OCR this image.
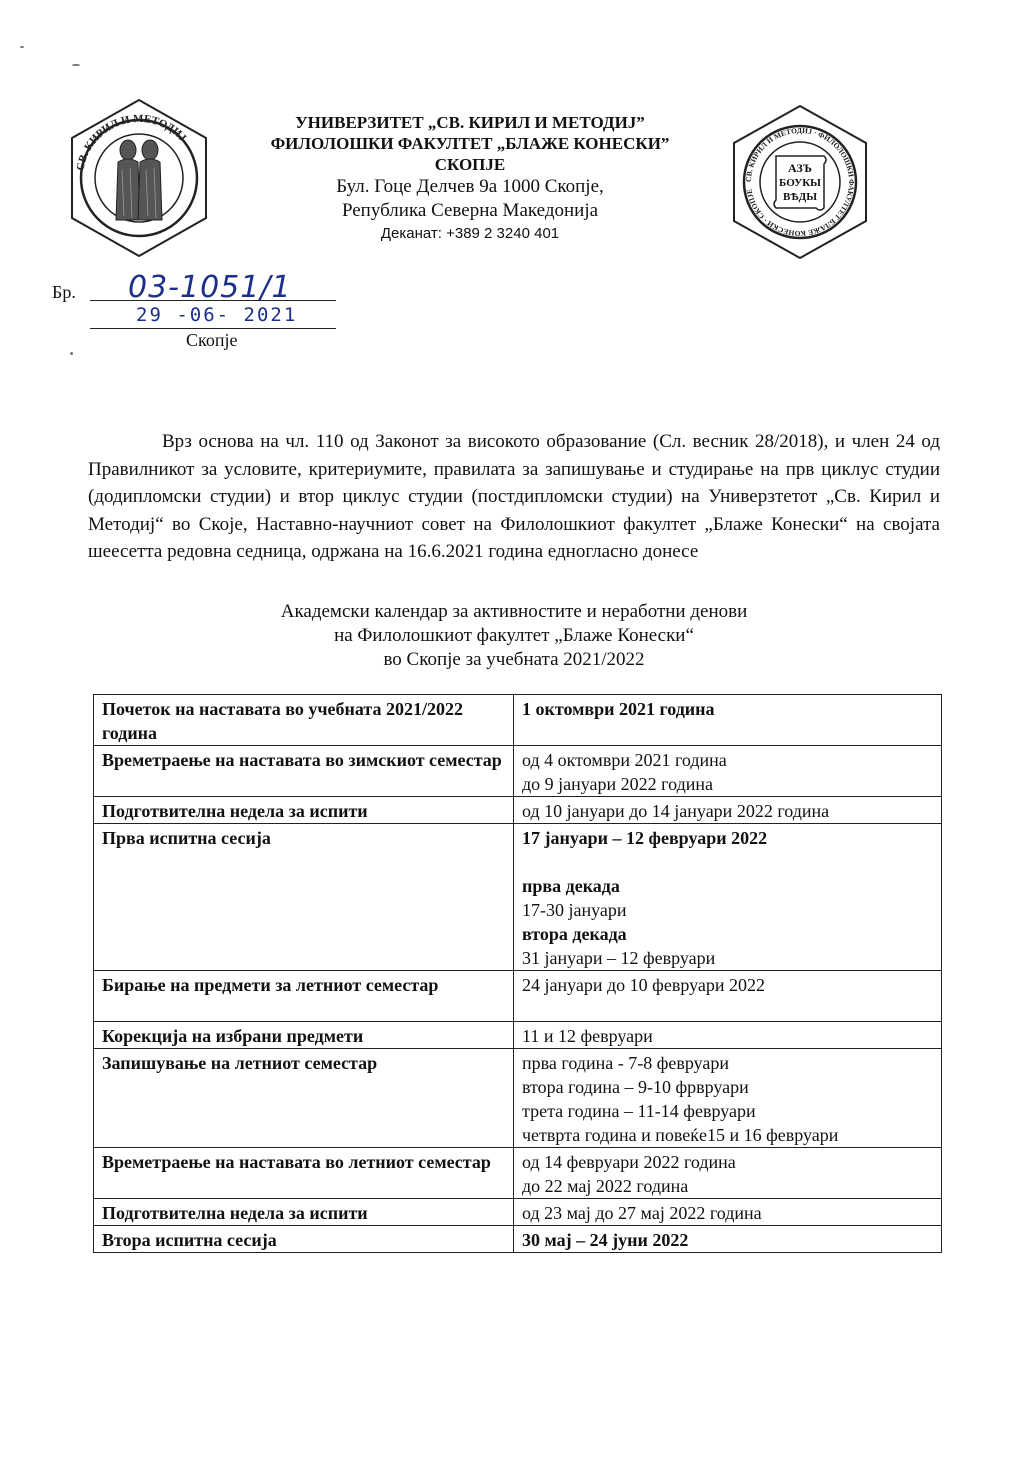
СВ. КИРИЛ И МЕТОДИЈ
УНИВЕРЗИТЕТ „СВ. КИРИЛ И МЕТОДИЈ”
ФИЛОЛОШКИ ФАКУЛТЕТ „БЛАЖЕ КОНЕСКИ”
СКОПЈЕ
Бул. Гоце Делчев 9а 1000 Скопје,
Република Северна Македонија
Деканат: +389 2 3240 401
СВ. КИРИЛ И МЕТОДИЈ · ФИЛОЛОШКИ ФАКУЛТЕТ БЛАЖЕ КОНЕСКИ · СКОПЈЕ
АЗЪ
БОУКЫ
ВѢДЫ
Бр. 03-1051/1
29 -06- 2021
Скопје
Врз основа на чл. 110 од Законот за високото образование (Сл. весник 28/2018), и член 24 од Правилникот за условите, критериумите, правилата за запишување и студирање на прв циклус студии (додипломски студии) и втор циклус студии (постдипломски студии) на Универзтетот „Св. Кирил и Методиј“ во Скоје, Наставно-научниот совет на Филолошкиот факултет „Блаже Конески“ на својата шеесетта редовна седница, одржана на 16.6.2021 година едногласно донесе
Академски календар за активностите и неработни денови
на Филолошкиот факултет „Блаже Конески“
во Скопје за учебната 2021/2022
Почеток на наставата во учебната 2021/2022 година	1 октомври 2021 година

Времетраење на наставата во зимскиот семестар	од 4 октомври 2021 година
до 9 јануари 2022 година

Подготвителна недела за испити	од 10 јануари до 14 јануари 2022 година

Прва испитна сесија	17 јануари – 12 февруари 2022

прва декада
17-30 јануари
втора декада
31 јануари – 12 февруари

Бирање на предмети за летниот семестар	24 јануари до 10 февруари 2022

Корекција на избрани предмети	11 и 12 февруари

Запишување на летниот семестар	прва година - 7-8 февруари
втора година – 9-10 фрвруари
трета година – 11-14 февруари
четврта година и повеќе15 и 16 февруари

Времетраење на наставата во летниот семестар	од 14 февруари 2022 година
до 22 мај 2022 година

Подготвителна недела за испити	од 23 мај до 27 мај 2022 година

Втора испитна сесија	30 мај – 24 јуни 2022
